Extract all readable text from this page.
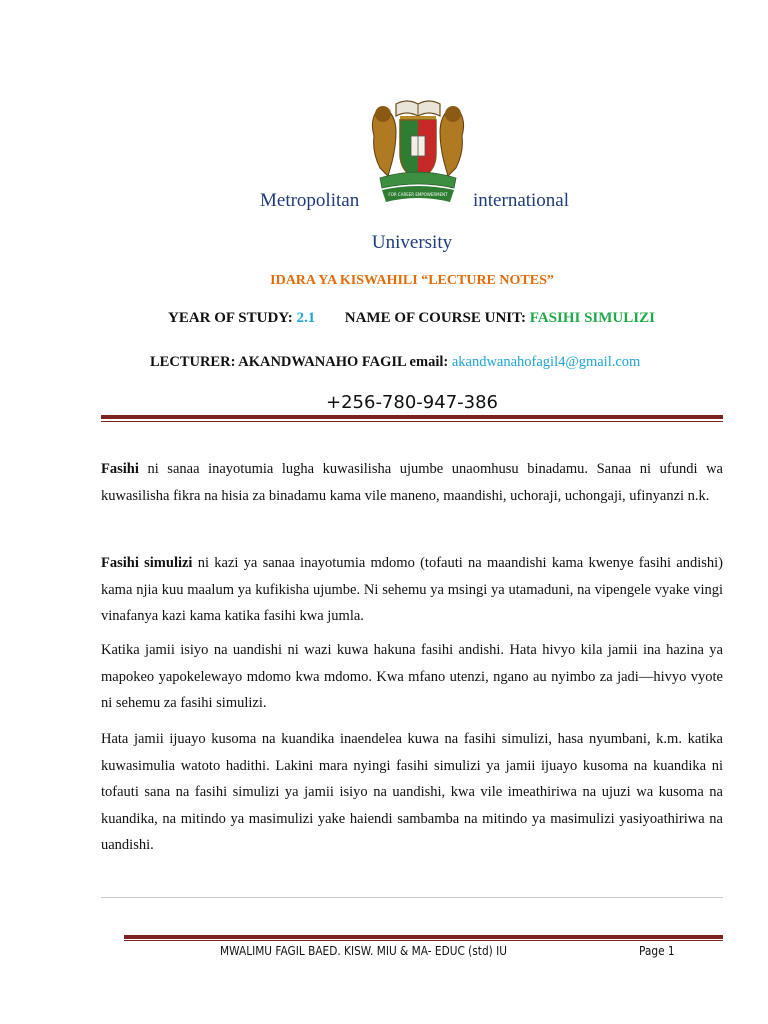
FOR CAREER EMPOWERMENT
Metropolitan	international
University
IDARA YA KISWAHILI “LECTURE NOTES”
YEAR OF STUDY: 2.1 NAME OF COURSE UNIT: FASIHI SIMULIZI
LECTURER: AKANDWANAHO FAGIL email: akandwanahofagil4@gmail.com
+256-780-947-386
Fasihi ni sanaa inayotumia lugha kuwasilisha ujumbe unaomhusu binadamu. Sanaa ni ufundi wa kuwasilisha fikra na hisia za binadamu kama vile maneno, maandishi, uchoraji, uchongaji, ufinyanzi n.k.
Fasihi simulizi ni kazi ya sanaa inayotumia mdomo (tofauti na maandishi kama kwenye fasihi andishi) kama njia kuu maalum ya kufikisha ujumbe. Ni sehemu ya msingi ya utamaduni, na vipengele vyake vingi vinafanya kazi kama katika fasihi kwa jumla.
Katika jamii isiyo na uandishi ni wazi kuwa hakuna fasihi andishi. Hata hivyo kila jamii ina hazina ya mapokeo yapokelewayo mdomo kwa mdomo. Kwa mfano utenzi, ngano au nyimbo za jadi—hivyo vyote ni sehemu za fasihi simulizi.
Hata jamii ijuayo kusoma na kuandika inaendelea kuwa na fasihi simulizi, hasa nyumbani, k.m. katika kuwasimulia watoto hadithi. Lakini mara nyingi fasihi simulizi ya jamii ijuayo kusoma na kuandika ni tofauti sana na fasihi simulizi ya jamii isiyo na uandishi, kwa vile imeathiriwa na ujuzi wa kusoma na kuandika, na mitindo ya masimulizi yake haiendi sambamba na mitindo ya masimulizi yasiyoathiriwa na uandishi.
MWALIMU FAGIL BAED. KISW. MIU & MA- EDUC (std) IU	Page 1
